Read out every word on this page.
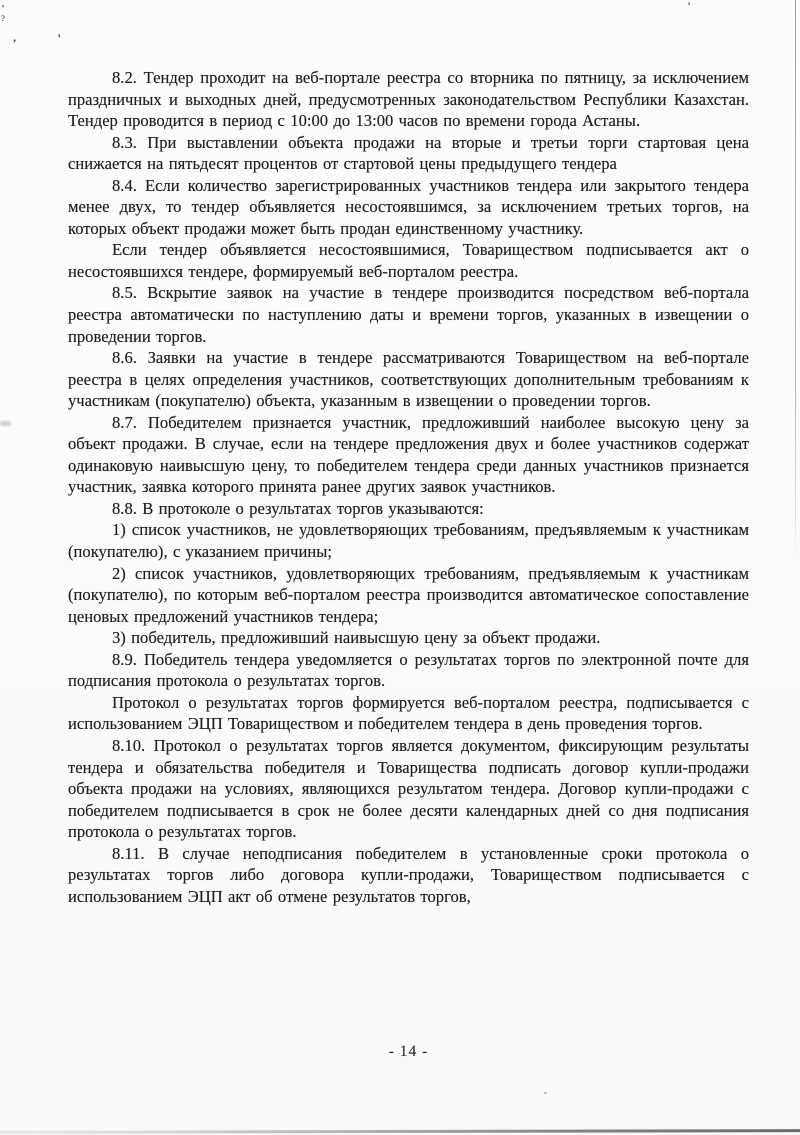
'
?
,	'
'

8.2. Тендер проходит на веб-портале реестра со вторника по пятницу, за исключением праздничных и выходных дней, предусмотренных законодательством Республики Казахстан. Тендер проводится в период с 10:00 до 13:00 часов по времени города Астаны.

8.3. При выставлении объекта продажи на вторые и третьи торги стартовая цена снижается на пятьдесят процентов от стартовой цены предыдущего тендера

8.4. Если количество зарегистрированных участников тендера или закрытого тендера менее двух, то тендер объявляется несостоявшимся, за исключением третьих торгов, на которых объект продажи может быть продан единственному участнику.

Если тендер объявляется несостоявшимися, Товариществом подписывается акт о несостоявшихся тендере, формируемый веб-порталом реестра.

8.5. Вскрытие заявок на участие в тендере производится посредством веб-портала реестра автоматически по наступлению даты и времени торгов, указанных в извещении о проведении торгов.

8.6. Заявки на участие в тендере рассматриваются Товариществом на веб-портале реестра в целях определения участников, соответствующих дополнительным требованиям к участникам (покупателю) объекта, указанным в извещении о проведении торгов.

8.7. Победителем признается участник, предложивший наиболее высокую цену за объект продажи. В случае, если на тендере предложения двух и более участников содержат одинаковую наивысшую цену, то победителем тендера среди данных участников признается участник, заявка которого принята ранее других заявок участников.

8.8. В протоколе о результатах торгов указываются:

1) список участников, не удовлетворяющих требованиям, предъявляемым к участникам (покупателю), с указанием причины;

2) список участников, удовлетворяющих требованиям, предъявляемым к участникам (покупателю), по которым веб-порталом реестра производится автоматическое сопоставление ценовых предложений участников тендера;

3) победитель, предложивший наивысшую цену за объект продажи.

8.9. Победитель тендера уведомляется о результатах торгов по электронной почте для подписания протокола о результатах торгов.

Протокол о результатах торгов формируется веб-порталом реестра, подписывается с использованием ЭЦП Товариществом и победителем тендера в день проведения торгов.

8.10. Протокол о результатах торгов является документом, фиксирующим результаты тендера и обязательства победителя и Товарищества подписать договор купли-продажи объекта продажи на условиях, являющихся результатом тендера. Договор купли-продажи с победителем подписывается в срок не более десяти календарных дней со дня подписания протокола о результатах торгов.

8.11. В случае неподписания победителем в установленные сроки протокола о результатах торгов либо договора купли-продажи, Товариществом подписывается с использованием ЭЦП акт об отмене результатов торгов,

- 14 -
